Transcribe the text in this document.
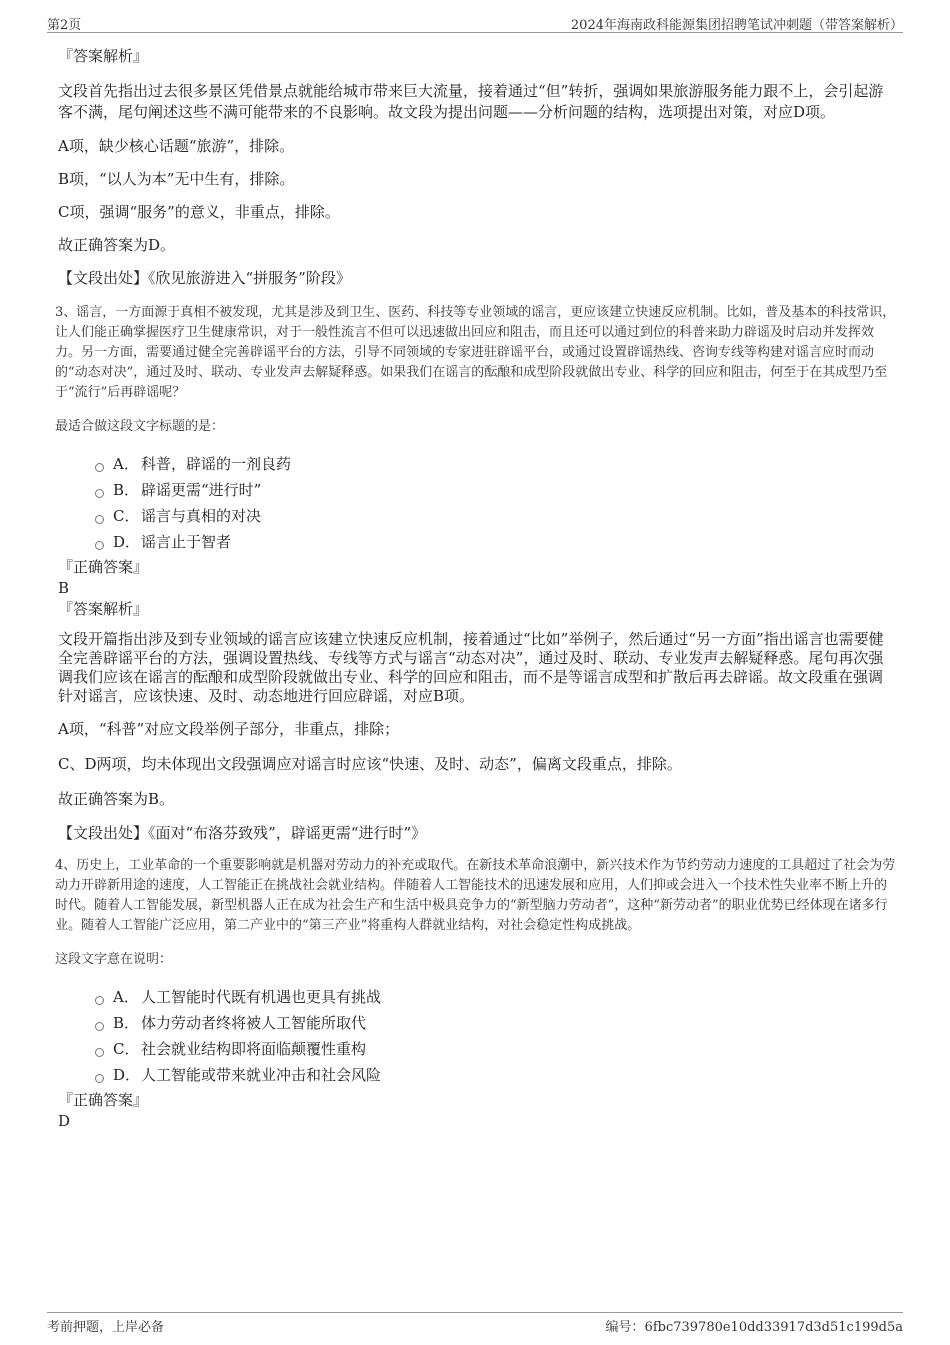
第2页	2024年海南政科能源集团招聘笔试冲刺题（带答案解析）

『答案解析』

文段首先指出过去很多景区凭借景点就能给城市带来巨大流量，接着通过“但”转折，强调如果旅游服务能力跟不上，会引起游客不满，尾句阐述这些不满可能带来的不良影响。故文段为提出问题——分析问题的结构，选项提出对策，对应D项。

A项，缺少核心话题“旅游”，排除。

B项，“以人为本”无中生有，排除。

C项，强调“服务”的意义，非重点，排除。

故正确答案为D。

【文段出处】《欣见旅游进入“拼服务”阶段》

3、谣言，一方面源于真相不被发现，尤其是涉及到卫生、医药、科技等专业领域的谣言，更应该建立快速反应机制。比如，普及基本的科技常识，让人们能正确掌握医疗卫生健康常识，对于一般性流言不但可以迅速做出回应和阻击，而且还可以通过到位的科普来助力辟谣及时启动并发挥效力。另一方面，需要通过健全完善辟谣平台的方法，引导不同领域的专家进驻辟谣平台，或通过设置辟谣热线、咨询专线等构建对谣言应时而动的“动态对决”，通过及时、联动、专业发声去解疑释惑。如果我们在谣言的酝酿和成型阶段就做出专业、科学的回应和阻击，何至于在其成型乃至于“流行”后再辟谣呢？

最适合做这段文字标题的是：

A． 科普，辟谣的一剂良药
B． 辟谣更需“进行时”
C． 谣言与真相的对决
D． 谣言止于智者

『正确答案』

B

『答案解析』

文段开篇指出涉及到专业领域的谣言应该建立快速反应机制，接着通过“比如”举例子，然后通过“另一方面”指出谣言也需要健全完善辟谣平台的方法，强调设置热线、专线等方式与谣言“动态对决”，通过及时、联动、专业发声去解疑释惑。尾句再次强调我们应该在谣言的酝酿和成型阶段就做出专业、科学的回应和阻击，而不是等谣言成型和扩散后再去辟谣。故文段重在强调针对谣言，应该快速、及时、动态地进行回应辟谣，对应B项。

A项，“科普”对应文段举例子部分，非重点，排除；

C、D两项，均未体现出文段强调应对谣言时应该“快速、及时、动态”，偏离文段重点，排除。

故正确答案为B。

【文段出处】《面对“布洛芬致残”，辟谣更需“进行时”》

4、历史上，工业革命的一个重要影响就是机器对劳动力的补充或取代。在新技术革命浪潮中，新兴技术作为节约劳动力速度的工具超过了社会为劳动力开辟新用途的速度，人工智能正在挑战社会就业结构。伴随着人工智能技术的迅速发展和应用，人们抑或会进入一个技术性失业率不断上升的时代。随着人工智能发展，新型机器人正在成为社会生产和生活中极具竞争力的“新型脑力劳动者”，这种“新劳动者”的职业优势已经体现在诸多行业。随着人工智能广泛应用，第二产业中的“第三产业”将重构人群就业结构，对社会稳定性构成挑战。

这段文字意在说明：

A． 人工智能时代既有机遇也更具有挑战
B． 体力劳动者终将被人工智能所取代
C． 社会就业结构即将面临颠覆性重构
D． 人工智能或带来就业冲击和社会风险

『正确答案』

D

考前押题，上岸必备	编号：6fbc739780e10dd33917d3d51c199d5a
